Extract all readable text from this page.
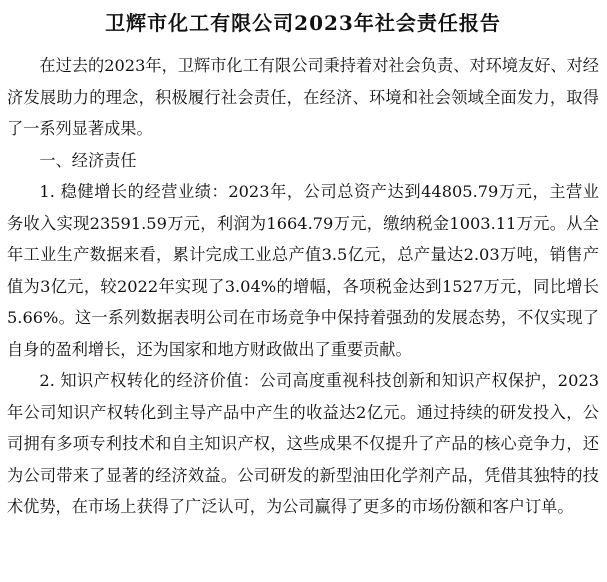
卫辉市化工有限公司2023年社会责任报告

在过去的2023年，卫辉市化工有限公司秉持着对社会负责、对环境友好、对经济发展助力的理念，积极履行社会责任，在经济、环境和社会领域全面发力，取得了一系列显著成果。

一、经济责任

1. 稳健增长的经营业绩：2023年，公司总资产达到44805.79万元，主营业务收入实现23591.59万元，利润为1664.79万元，缴纳税金1003.11万元。从全年工业生产数据来看，累计完成工业总产值3.5亿元，总产量达2.03万吨，销售产值为3亿元，较2022年实现了3.04%的增幅，各项税金达到1527万元，同比增长5.66%。这一系列数据表明公司在市场竞争中保持着强劲的发展态势，不仅实现了自身的盈利增长，还为国家和地方财政做出了重要贡献。

2. 知识产权转化的经济价值：公司高度重视科技创新和知识产权保护，2023年公司知识产权转化到主导产品中产生的收益达2亿元。通过持续的研发投入，公司拥有多项专利技术和自主知识产权，这些成果不仅提升了产品的核心竞争力，还为公司带来了显著的经济效益。公司研发的新型油田化学剂产品，凭借其独特的技术优势，在市场上获得了广泛认可，为公司赢得了更多的市场份额和客户订单。
